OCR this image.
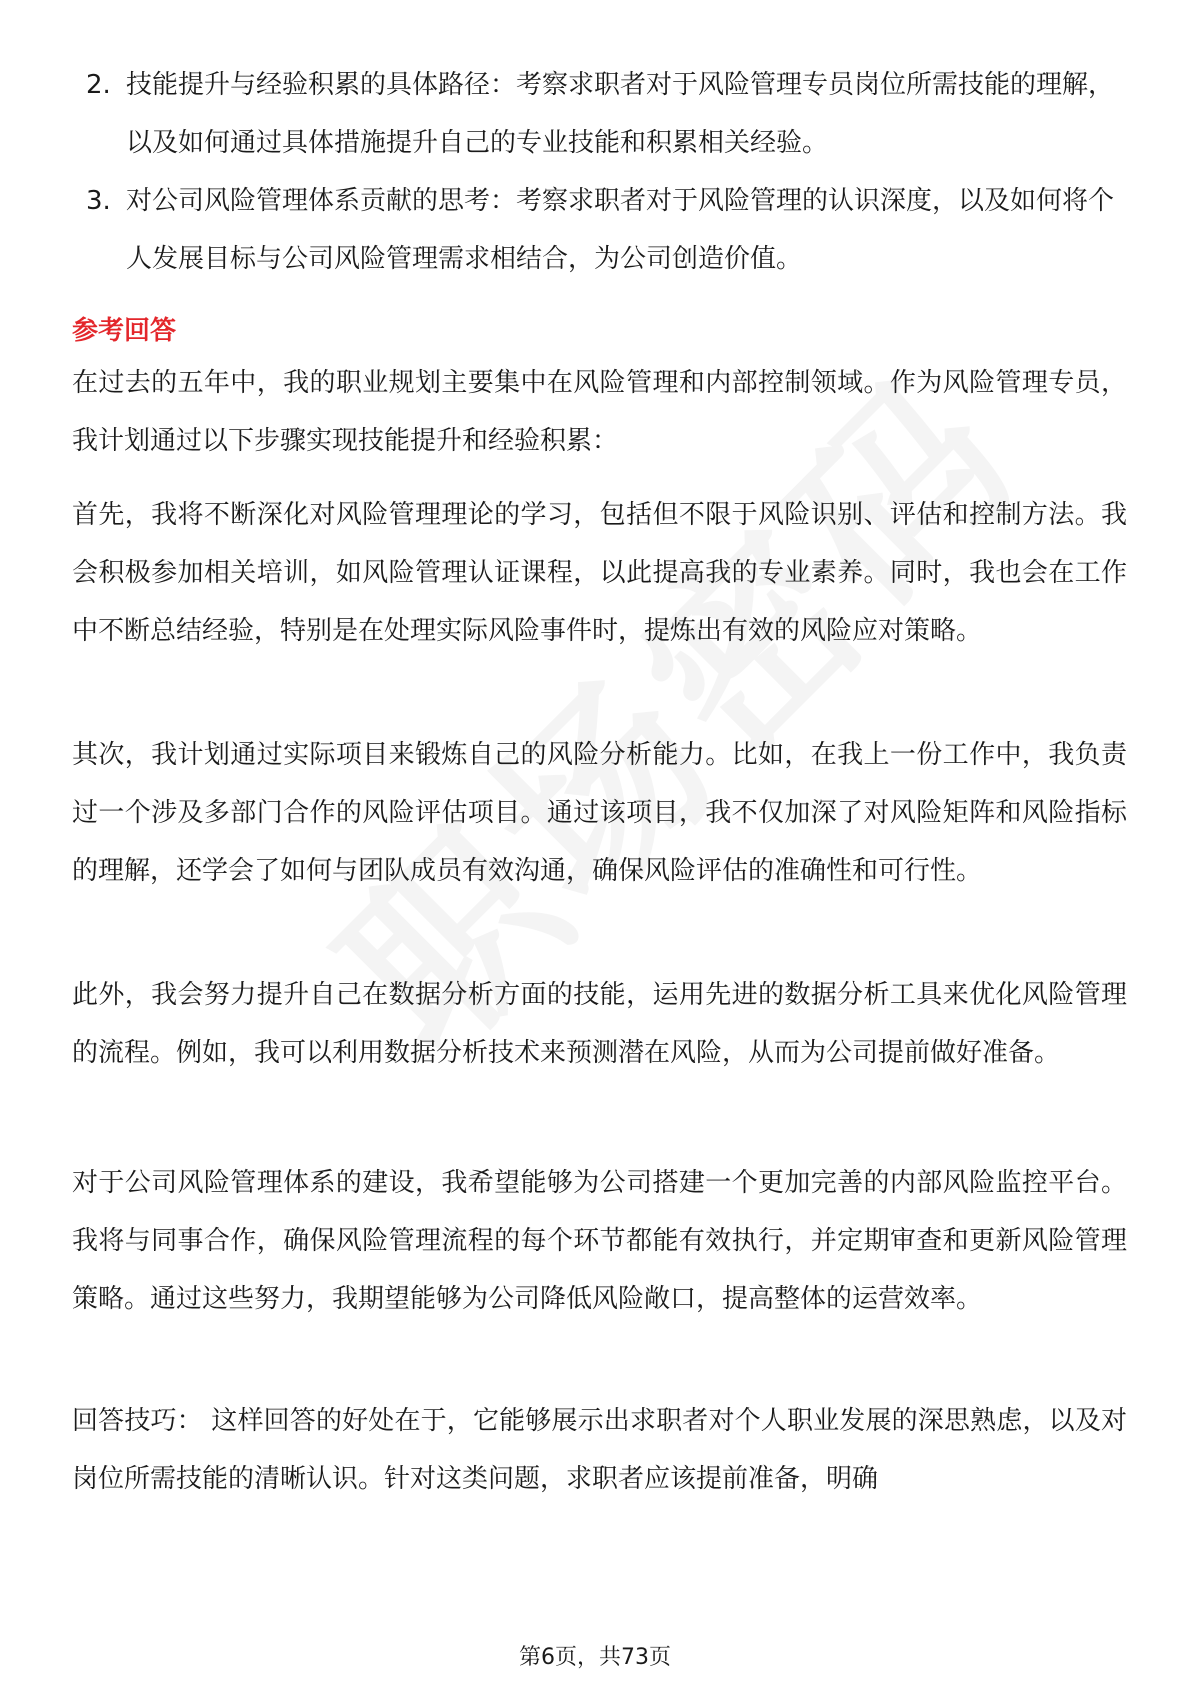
2. 技能提升与经验积累的具体路径：考察求职者对于风险管理专员岗位所需技能的理解，以及如何通过具体措施提升自己的专业技能和积累相关经验。
3. 对公司风险管理体系贡献的思考：考察求职者对于风险管理的认识深度，以及如何将个人发展目标与公司风险管理需求相结合，为公司创造价值。
参考回答

在过去的五年中，我的职业规划主要集中在风险管理和内部控制领域。作为风险管理专员，我计划通过以下步骤实现技能提升和经验积累：

首先，我将不断深化对风险管理理论的学习，包括但不限于风险识别、评估和控制方法。我会积极参加相关培训，如风险管理认证课程，以此提高我的专业素养。同时，我也会在工作中不断总结经验，特别是在处理实际风险事件时，提炼出有效的风险应对策略。

其次，我计划通过实际项目来锻炼自己的风险分析能力。比如，在我上一份工作中，我负责过一个涉及多部门合作的风险评估项目。通过该项目，我不仅加深了对风险矩阵和风险指标的理解，还学会了如何与团队成员有效沟通，确保风险评估的准确性和可行性。

此外，我会努力提升自己在数据分析方面的技能，运用先进的数据分析工具来优化风险管理的流程。例如，我可以利用数据分析技术来预测潜在风险，从而为公司提前做好准备。

对于公司风险管理体系的建设，我希望能够为公司搭建一个更加完善的内部风险监控平台。我将与同事合作，确保风险管理流程的每个环节都能有效执行，并定期审查和更新风险管理策略。通过这些努力，我期望能够为公司降低风险敞口，提高整体的运营效率。

回答技巧： 这样回答的好处在于，它能够展示出求职者对个人职业发展的深思熟虑，以及对岗位所需技能的清晰认识。针对这类问题，求职者应该提前准备，明确

第6页，共73页
